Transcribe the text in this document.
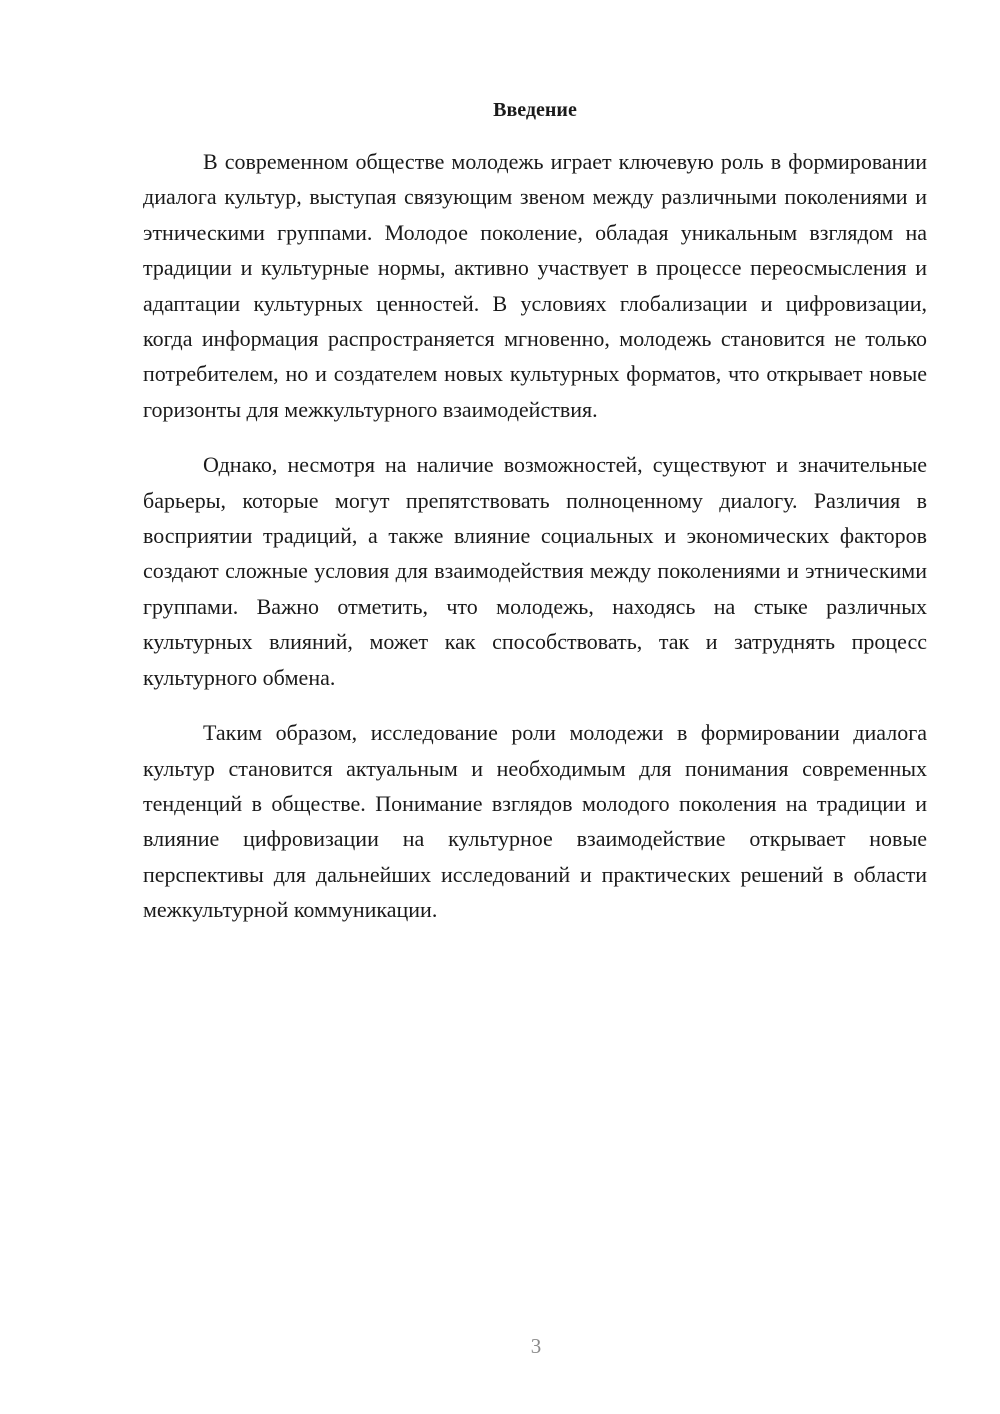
Введение

В современном обществе молодежь играет ключевую роль в формировании диалога культур, выступая связующим звеном между различными поколениями и этническими группами. Молодое поколение, обладая уникальным взглядом на традиции и культурные нормы, активно участвует в процессе переосмысления и адаптации культурных ценностей. В условиях глобализации и цифровизации, когда информация распространяется мгновенно, молодежь становится не только потребителем, но и создателем новых культурных форматов, что открывает новые горизонты для межкультурного взаимодействия.

Однако, несмотря на наличие возможностей, существуют и значительные барьеры, которые могут препятствовать полноценному диалогу. Различия в восприятии традиций, а также влияние социальных и экономических факторов создают сложные условия для взаимодействия между поколениями и этническими группами. Важно отметить, что молодежь, находясь на стыке различных культурных влияний, может как способствовать, так и затруднять процесс культурного обмена.

Таким образом, исследование роли молодежи в формировании диалога культур становится актуальным и необходимым для понимания современных тенденций в обществе. Понимание взглядов молодого поколения на традиции и влияние цифровизации на культурное взаимодействие открывает новые перспективы для дальнейших исследований и практических решений в области межкультурной коммуникации.

3
